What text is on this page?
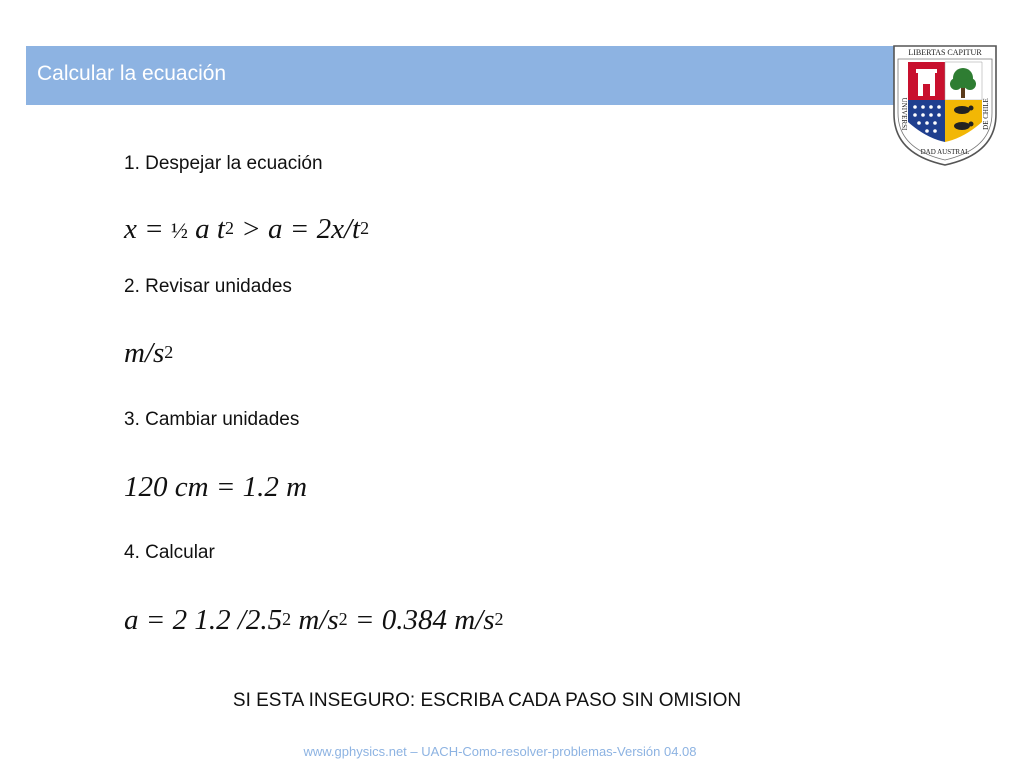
Calcular la ecuación
LIBERTAS CAPITUR
UNIVERSI
DAD AUSTRAL
DE CHILE
1. Despejar la ecuación
x = ½ a $t^2 > a = 2x/t^2$
2. Revisar unidades
$m/s^2$
3. Cambiar unidades
120 cm = 1.2 m
4. Calcular
a = 2 1.2 $/2.5^2$ $m/s^2 = 0.384$ $m/s^2$
SI ESTA INSEGURO: ESCRIBA CADA PASO SIN OMISION
www.gphysics.net – UACH-Como-resolver-problemas-Versión 04.08
